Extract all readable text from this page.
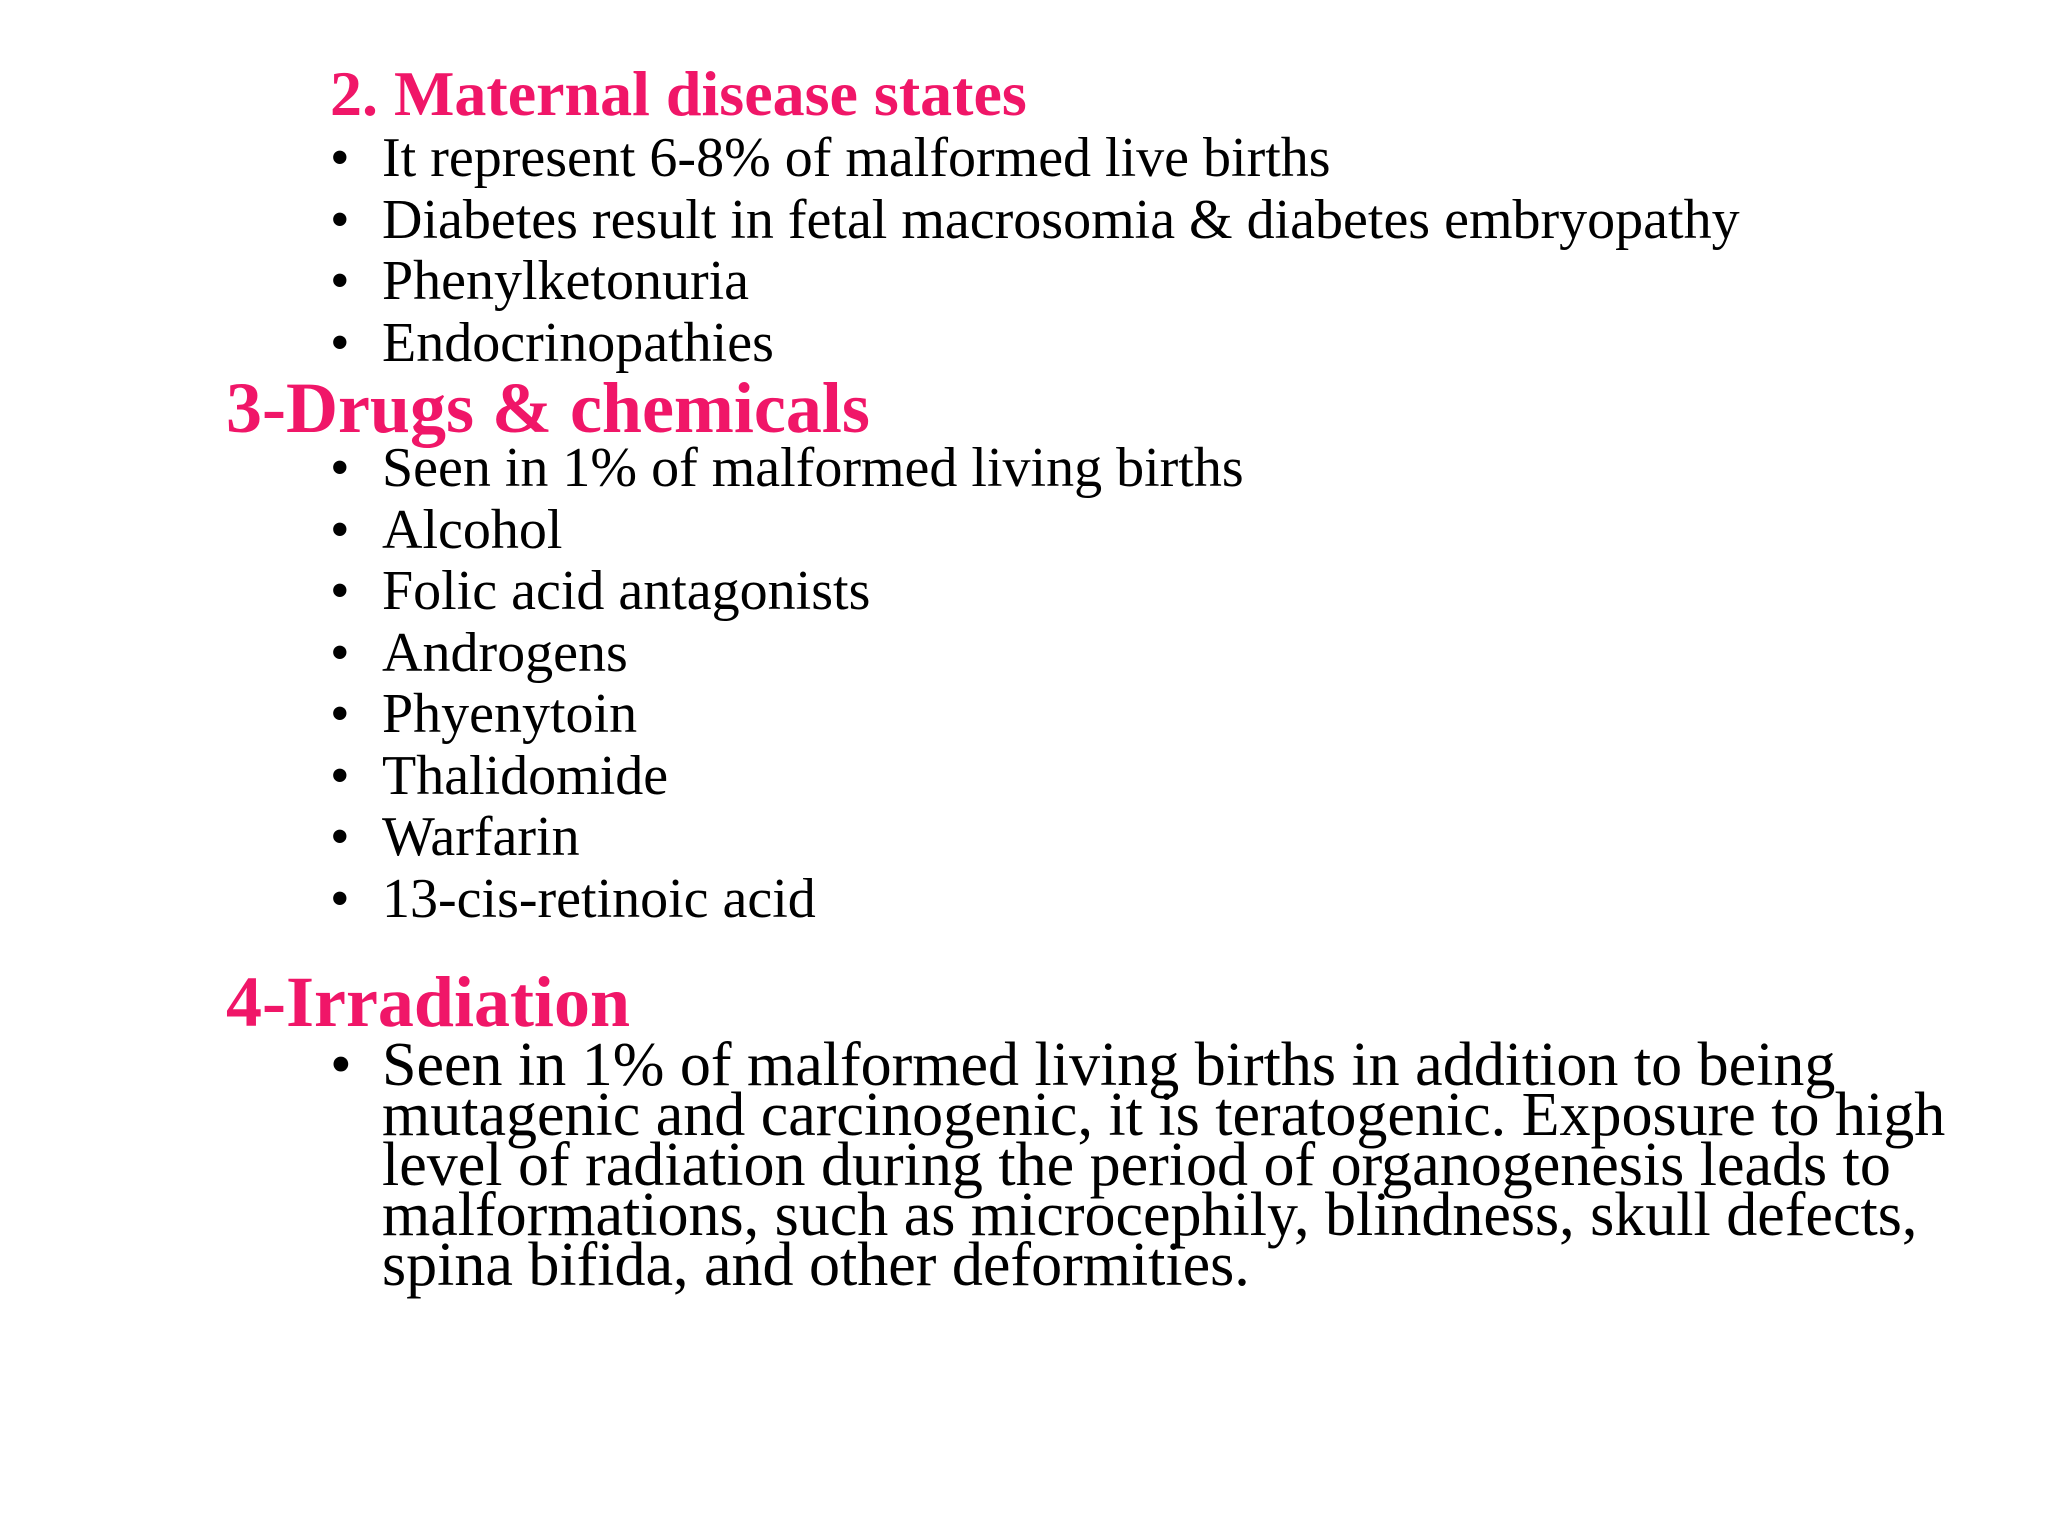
2. Maternal disease states
• It represent 6-8% of malformed live births
• Diabetes result in fetal macrosomia & diabetes embryopathy
• Phenylketonuria
• Endocrinopathies
3-Drugs & chemicals
• Seen in 1% of malformed living births
• Alcohol
• Folic acid antagonists
• Androgens
• Phyenytoin
• Thalidomide
• Warfarin
• 13-cis-retinoic acid
4-Irradiation
• Seen in 1% of malformed living births in addition to being mutagenic and carcinogenic, it is teratogenic. Exposure to high level of radiation during the period of organogenesis leads to malformations, such as microcephily, blindness, skull defects, spina bifida, and other deformities.
